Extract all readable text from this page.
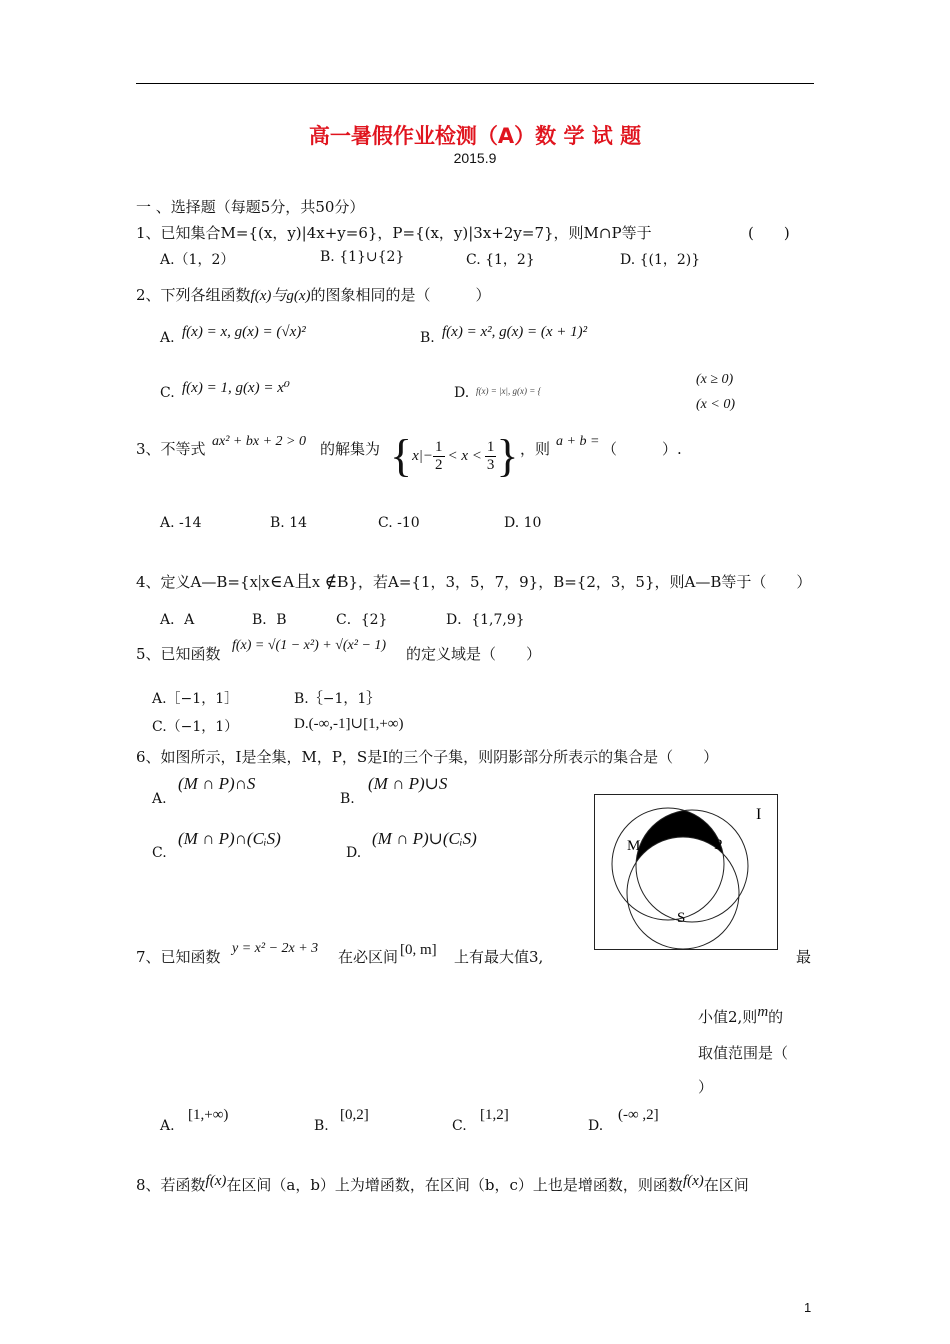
高一暑假作业检测（A）数 学 试 题
2015.9
一 、选择题（每题5分，共50分）
1、已知集合M={(x，y)|4x+y=6}，P={(x，y)|3x+2y=7}，则M∩P等于	(　　)
A.（1，2）	B. {1}∪{2}	C. {1，2}	D. {(1，2)}
2、下列各组函数f(x)与g(x)的图象相同的是（　　　）
A. f(x) = x, g(x) = (√x)²	B. f(x) = x², g(x) = (x + 1)²
C. f(x) = 1, g(x) = x⁰	D. f(x) = |x|, g(x) = {
(x ≥ 0)
(x < 0)
3、不等式 ax² + bx + 2 > 0 的解集为 { $x|- \frac{1}{2} < x < \frac{1}{3}$ } ，则 a + b = （　　　）.
A. -14	B. 14	C. -10	D. 10
4、定义A—B={x|x∈A且x ∉B}，若A={1，3，5，7，9}，B={2，3，5}，则A—B等于（　　）
A．A	B．B	C．{2}	D．{1,7,9}
5、已知函数 f(x) = √(1 − x²) + √(x² − 1) 的定义域是（　　）
A.［−1，1］	B.｛−1，1｝
C.（−1，1）	D.(-∞,-1]∪[1,+∞)
6、如图所示，I是全集，M，P，S是I的三个子集，则阴影部分所表示的集合是（　　）
A.
(M ∩ P)∩S
B.
(M ∩ P)∪S
C.
(M ∩ P)∩(CᵢS)
D.
(M ∩ P)∪(CᵢS)
I
M	P
S
7、已知函数 y = x² − 2x + 3 在必区间 [0, m] 上有最大值3,	最
小值2,则m的
取值范围是（
）
A.
[1,+∞)
B.
[0,2]
C.
[1,2]
D.
(-∞ ,2]
8、若函数f(x)在区间（a，b）上为增函数，在区间（b，c）上也是增函数，则函数f(x)在区间
1
